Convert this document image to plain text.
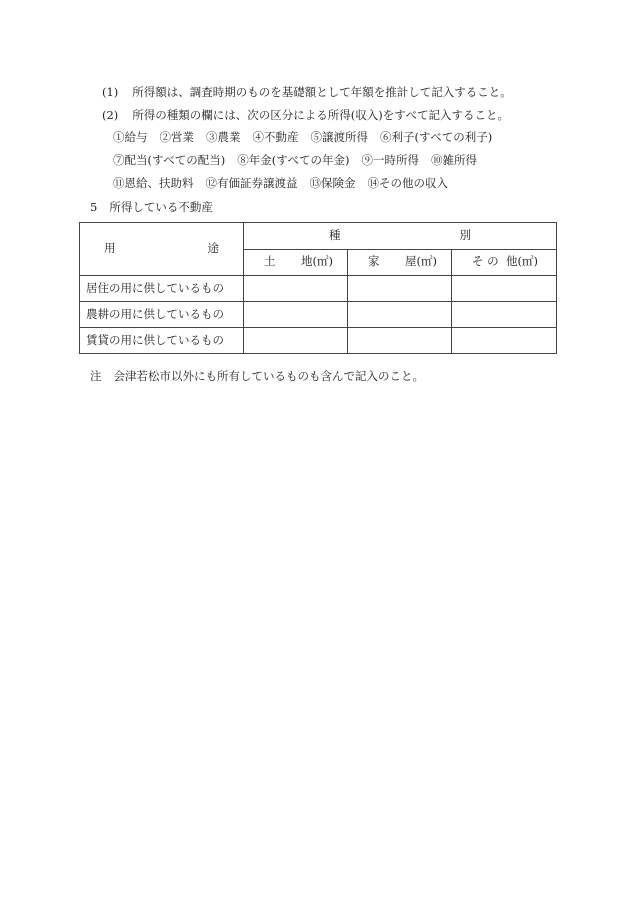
(1) 所得額は、調査時期のものを基礎額として年額を推計して記入すること。
(2) 所得の種類の欄には、次の区分による所得(収入)をすべて記入すること。
①給与 ②営業 ③農業 ④不動産 ⑤譲渡所得 ⑥利子(すべての利子)
⑦配当(すべての配当) ⑧年金(すべての年金) ⑨一時所得 ⑩雑所得
⑪恩給、扶助料 ⑫有価証券譲渡益 ⑬保険金 ⑭その他の収入
5 所得している不動産
用 途	種 別		

	土 地(㎡)	家 屋(㎡)	そ の 他(㎡)

居住の用に供しているもの			
農耕の用に供しているもの			
賃貸の用に供しているもの			
注 会津若松市以外にも所有しているものも含んで記入のこと。
